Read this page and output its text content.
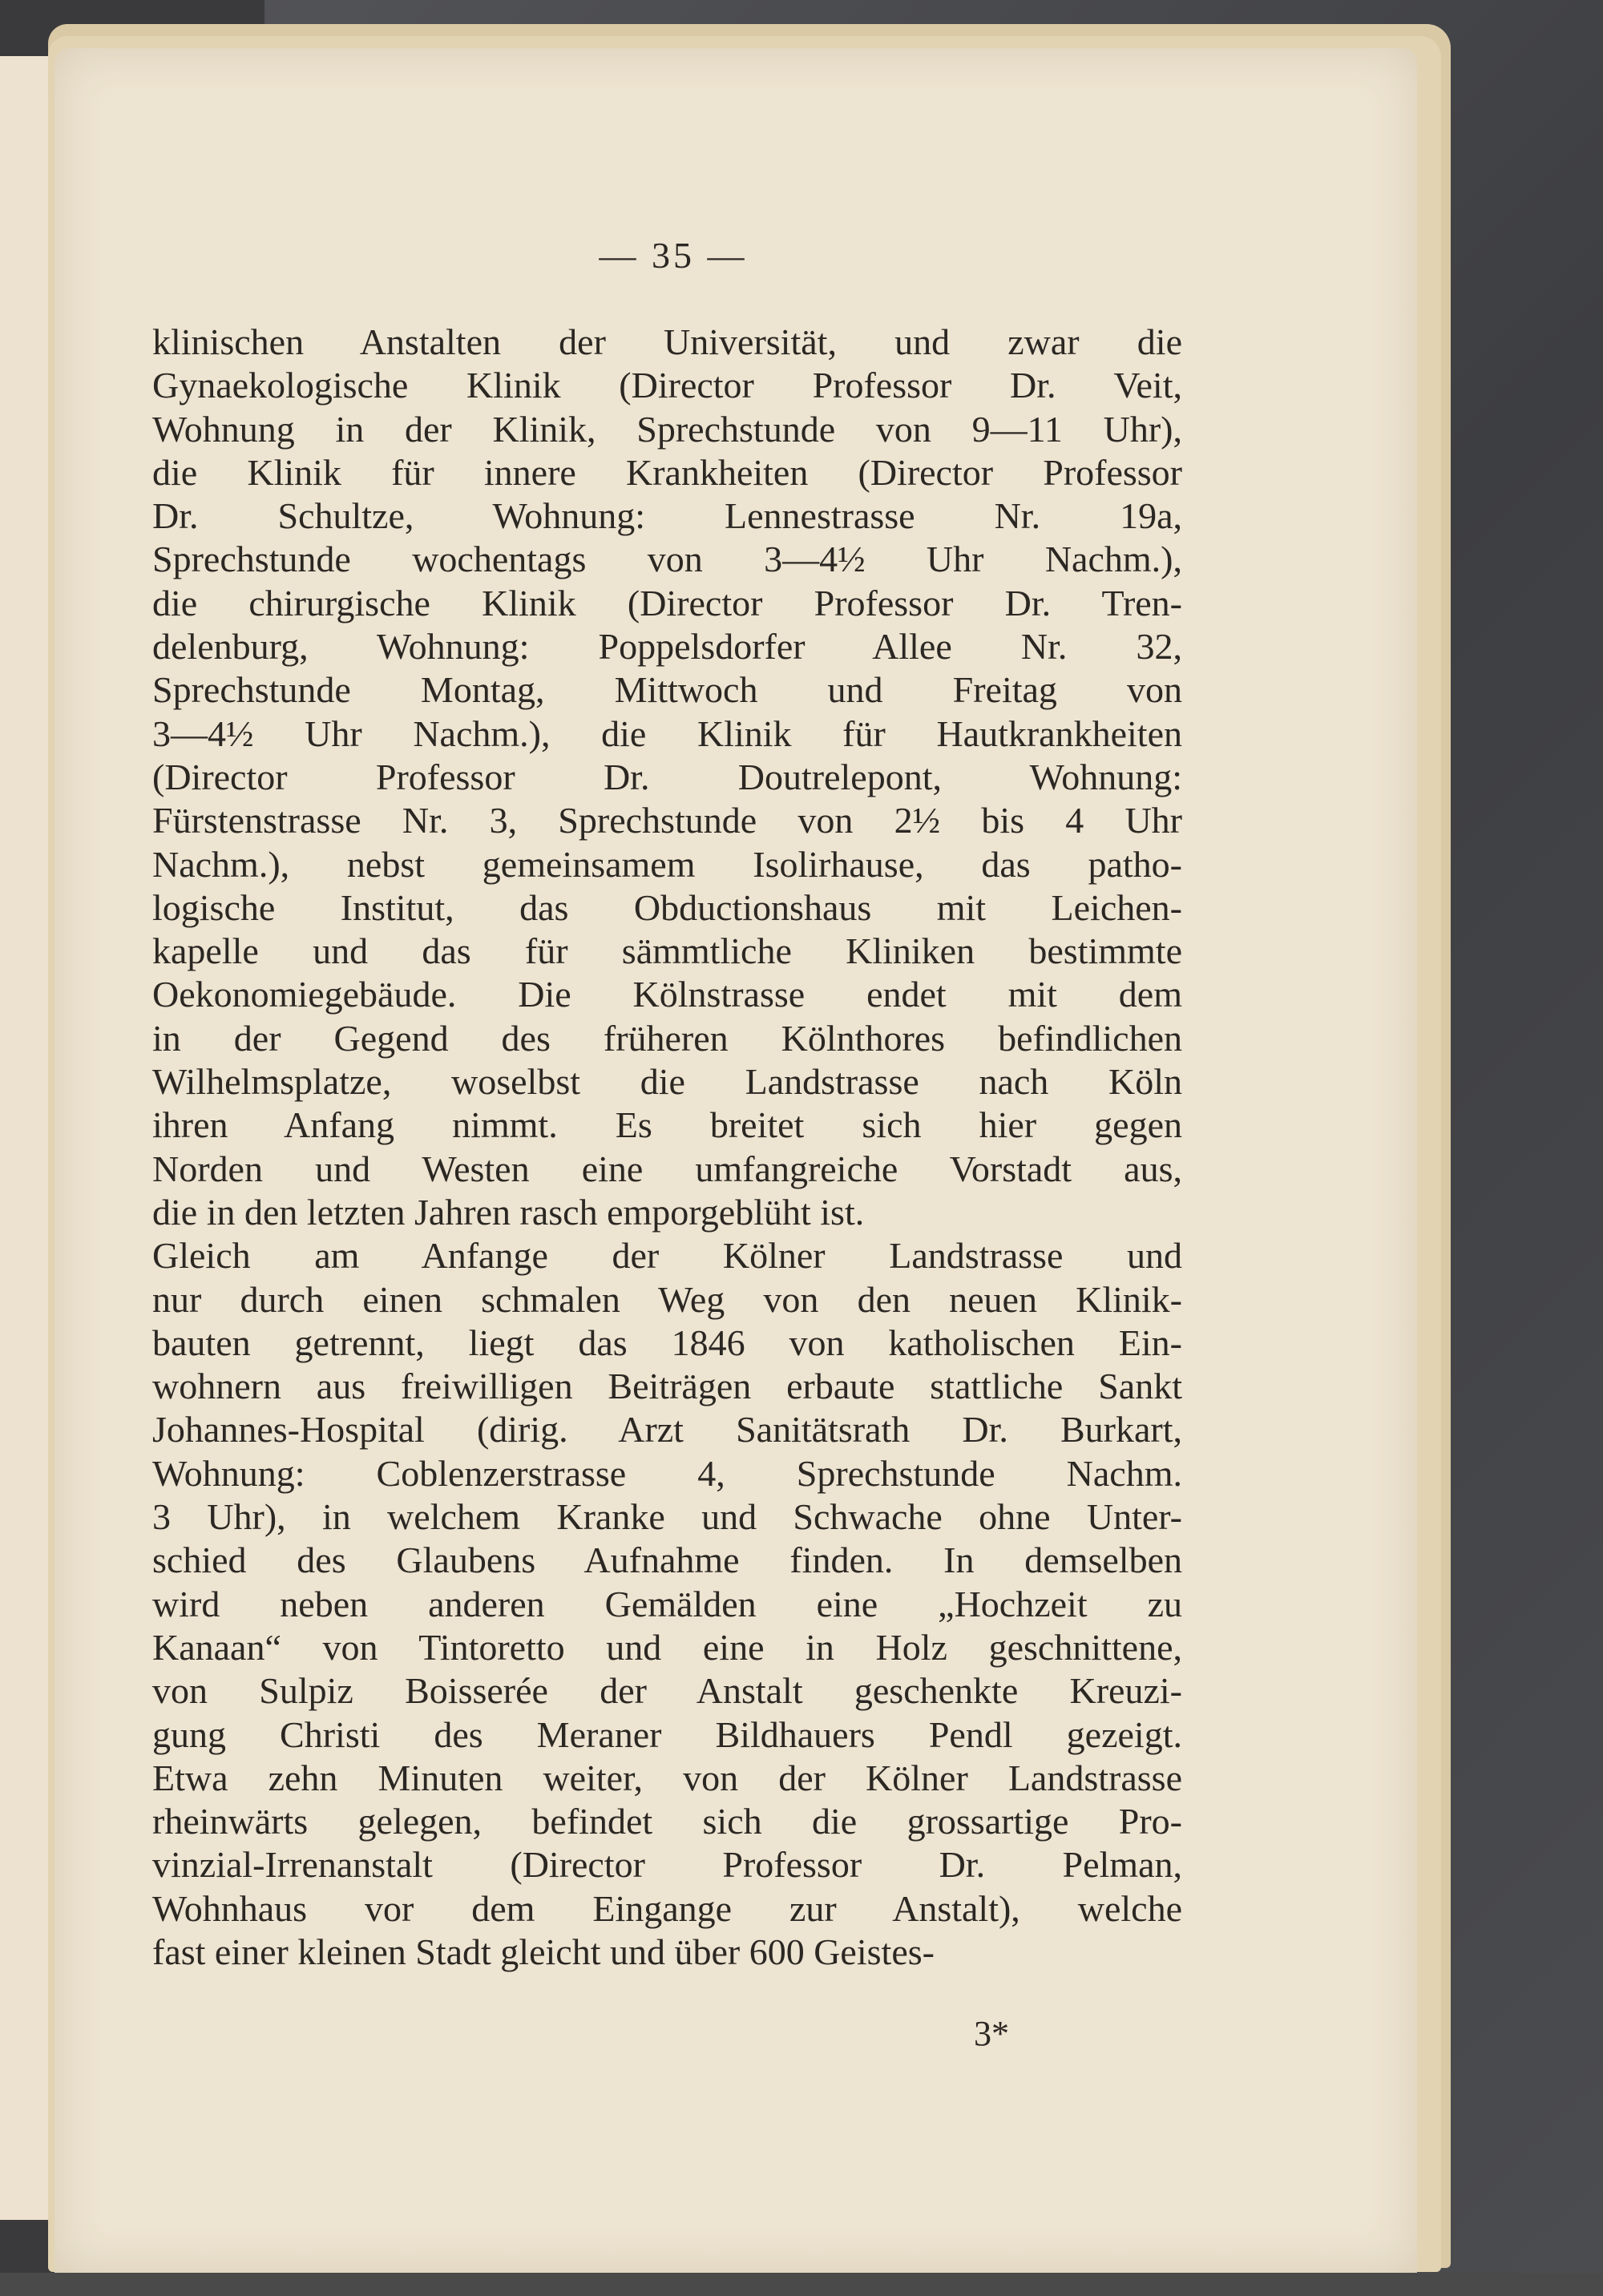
— 35 —
klinischen Anstalten der Universität, und zwar die
Gynaekologische Klinik (Director Professor Dr. Veit,
Wohnung in der Klinik, Sprechstunde von 9—11 Uhr),
die Klinik für innere Krankheiten (Director Professor
Dr. Schultze, Wohnung: Lennestrasse Nr. 19a,
Sprechstunde wochentags von 3—4½ Uhr Nachm.),
die chirurgische Klinik (Director Professor Dr. Tren-
delenburg, Wohnung: Poppelsdorfer Allee Nr. 32,
Sprechstunde Montag, Mittwoch und Freitag von
3—4½ Uhr Nachm.), die Klinik für Hautkrankheiten
(Director Professor Dr. Doutrelepont, Wohnung:
Fürstenstrasse Nr. 3, Sprechstunde von 2½ bis 4 Uhr
Nachm.), nebst gemeinsamem Isolirhause, das patho-
logische Institut, das Obductionshaus mit Leichen-
kapelle und das für sämmtliche Kliniken bestimmte
Oekonomiegebäude. Die Kölnstrasse endet mit dem
in der Gegend des früheren Kölnthores befindlichen
Wilhelmsplatze, woselbst die Landstrasse nach Köln
ihren Anfang nimmt. Es breitet sich hier gegen
Norden und Westen eine umfangreiche Vorstadt aus,
die in den letzten Jahren rasch emporgeblüht ist.
Gleich am Anfange der Kölner Landstrasse und
nur durch einen schmalen Weg von den neuen Klinik-
bauten getrennt, liegt das 1846 von katholischen Ein-
wohnern aus freiwilligen Beiträgen erbaute stattliche Sankt
Johannes-Hospital (dirig. Arzt Sanitätsrath Dr. Burkart,
Wohnung: Coblenzerstrasse 4, Sprechstunde Nachm.
3 Uhr), in welchem Kranke und Schwache ohne Unter-
schied des Glaubens Aufnahme finden. In demselben
wird neben anderen Gemälden eine „Hochzeit zu
Kanaan“ von Tintoretto und eine in Holz geschnittene,
von Sulpiz Boisserée der Anstalt geschenkte Kreuzi-
gung Christi des Meraner Bildhauers Pendl gezeigt.
Etwa zehn Minuten weiter, von der Kölner Landstrasse
rheinwärts gelegen, befindet sich die grossartige Pro-
vinzial-Irrenanstalt (Director Professor Dr. Pelman,
Wohnhaus vor dem Eingange zur Anstalt), welche
fast einer kleinen Stadt gleicht und über 600 Geistes-
3*
